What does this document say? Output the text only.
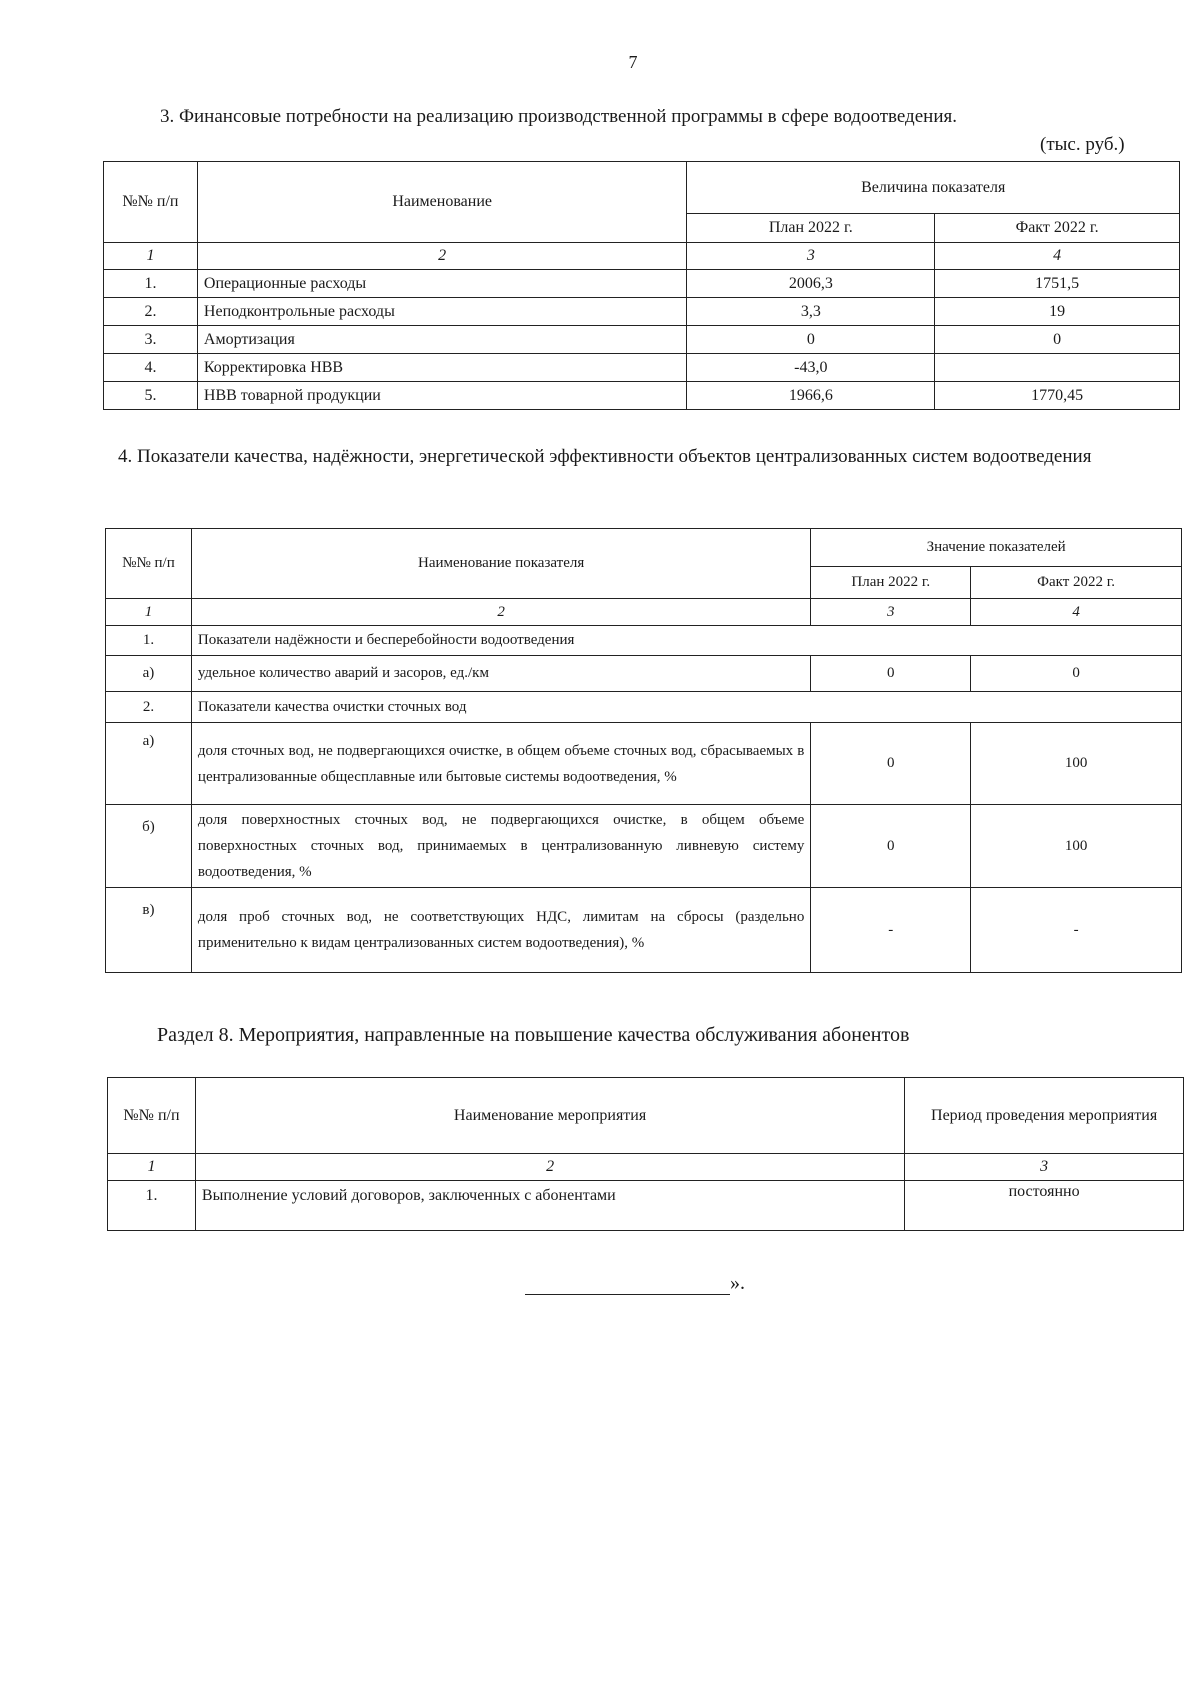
7
3. Финансовые потребности на реализацию производственной программы в сфере водоотведения.
(тыс. руб.)
№№ п/п	Наименование	Величина показателя	
		План 2022 г.	Факт 2022 г.
1	2	3	4
1.	Операционные расходы	2006,3	1751,5
2.	Неподконтрольные расходы	3,3	19
3.	Амортизация	0	0
4.	Корректировка НВВ	-43,0	
5.	НВВ товарной продукции	1966,6	1770,45
4. Показатели качества, надёжности, энергетической эффективности объектов централизованных систем водоотведения
№№ п/п	Наименование показателя	Значение показателей	
		План 2022 г.	Факт 2022 г.
1	2	3	4
1.	Показатели надёжности и бесперебойности водоотведения		
а)	удельное количество аварий и засоров, ед./км	0	0
2.	Показатели качества очистки сточных вод		
а)	доля сточных вод, не подвергающихся очистке, в общем объеме сточных вод, сбрасываемых в централизованные общесплавные или бытовые системы водоотведения, %	0	100
б)	доля поверхностных сточных вод, не подвергающихся очистке, в общем объеме поверхностных сточных вод, принимаемых в централизованную ливневую систему водоотведения, %	0	100
в)	доля проб сточных вод, не соответствующих НДС, лимитам на сбросы (раздельно применительно к видам централизованных систем водоотведения), %	-	-
Раздел 8. Мероприятия, направленные на повышение качества обслуживания абонентов
№№ п/п	Наименование мероприятия	Период проведения мероприятия
1	2	3
1.	Выполнение условий договоров, заключенных с абонентами	постоянно
».
